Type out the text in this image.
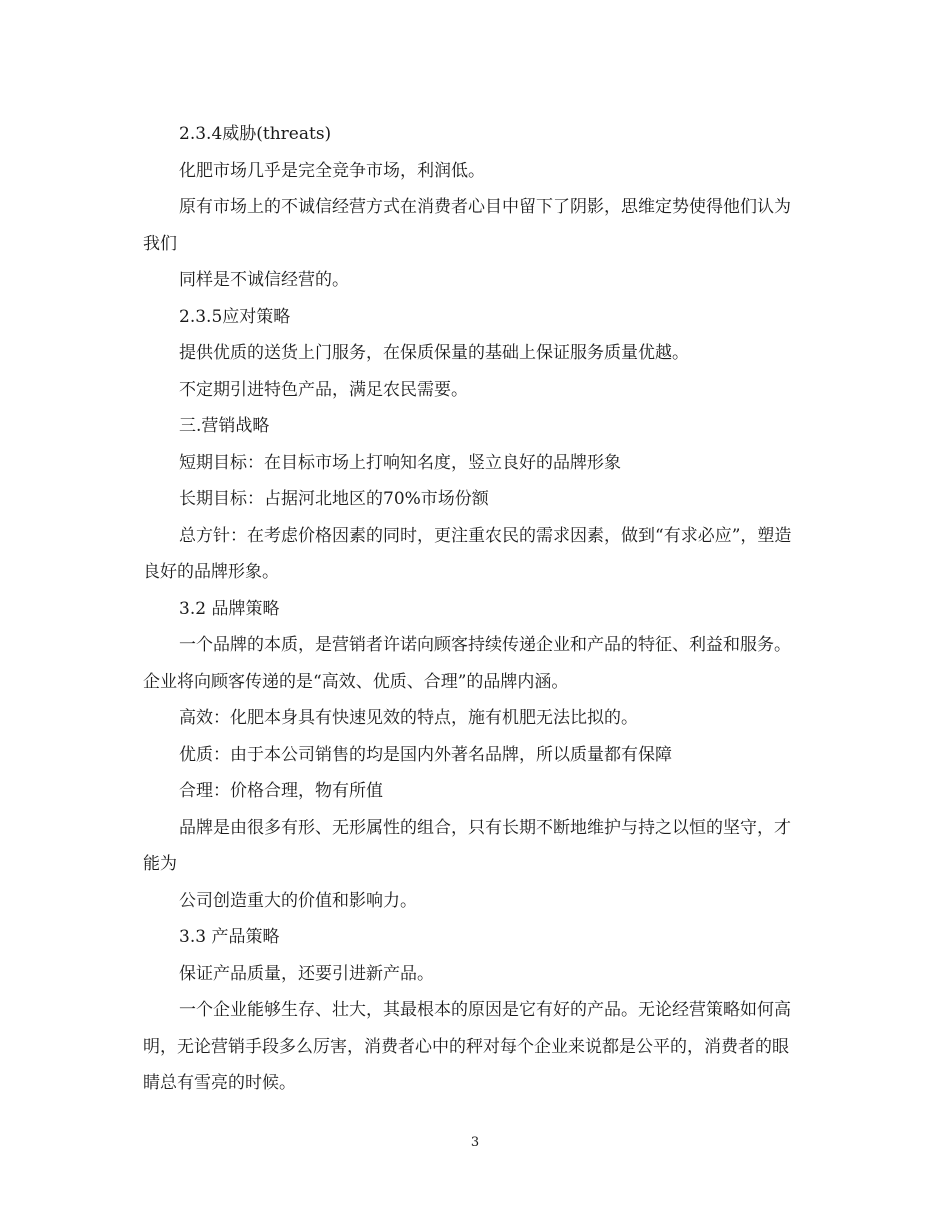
2.3.4威胁(threats)

化肥市场几乎是完全竞争市场，利润低。

原有市场上的不诚信经营方式在消费者心目中留下了阴影，思维定势使得他们认为我们

同样是不诚信经营的。

2.3.5应对策略

提供优质的送货上门服务，在保质保量的基础上保证服务质量优越。

不定期引进特色产品，满足农民需要。

三.营销战略

短期目标：在目标市场上打响知名度，竖立良好的品牌形象

长期目标：占据河北地区的70%市场份额

总方针：在考虑价格因素的同时，更注重农民的需求因素，做到“有求必应”，塑造良好的品牌形象。

3.2 品牌策略

一个品牌的本质，是营销者许诺向顾客持续传递企业和产品的特征、利益和服务。企业将向顾客传递的是“高效、优质、合理”的品牌内涵。

高效：化肥本身具有快速见效的特点，施有机肥无法比拟的。

优质：由于本公司销售的均是国内外著名品牌，所以质量都有保障

合理：价格合理，物有所值

品牌是由很多有形、无形属性的组合，只有长期不断地维护与持之以恒的坚守，才能为

公司创造重大的价值和影响力。

3.3 产品策略

保证产品质量，还要引进新产品。

一个企业能够生存、壮大，其最根本的原因是它有好的产品。无论经营策略如何高明，无论营销手段多么厉害，消费者心中的秤对每个企业来说都是公平的，消费者的眼睛总有雪亮的时候。

3
